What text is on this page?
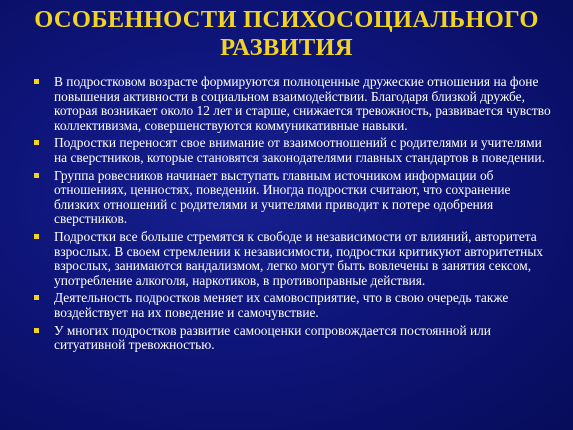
ОСОБЕННОСТИ ПСИХОСОЦИАЛЬНОГО
РАЗВИТИЯ
В подростковом возрасте формируются полноценные дружеские отношения на фоне повышения активности в социальном взаимодействии. Благодаря близкой дружбе, которая возникает около 12 лет и старше, снижается тревожность, развивается чувство коллективизма, совершенствуются коммуникативные навыки.
Подростки переносят свое внимание от взаимоотношений с родителями и учителями на сверстников, которые становятся законодателями главных стандартов в поведении.
Группа ровесников начинает выступать главным источником информации об отношениях, ценностях, поведении. Иногда подростки считают, что сохранение близких отношений с родителями и учителями приводит к потере одобрения сверстников.
Подростки все больше стремятся к свободе и независимости от влияний, авторитета взрослых. В своем стремлении к независимости, подростки критикуют авторитетных взрослых, занимаются вандализмом, легко могут быть вовлечены в занятия сексом, употребление алкоголя, наркотиков, в противоправные действия.
Деятельность подростков меняет их самовосприятие, что в свою очередь также воздействует на их поведение и самочувствие.
У многих подростков развитие самооценки сопровождается постоянной или ситуативной тревожностью.
